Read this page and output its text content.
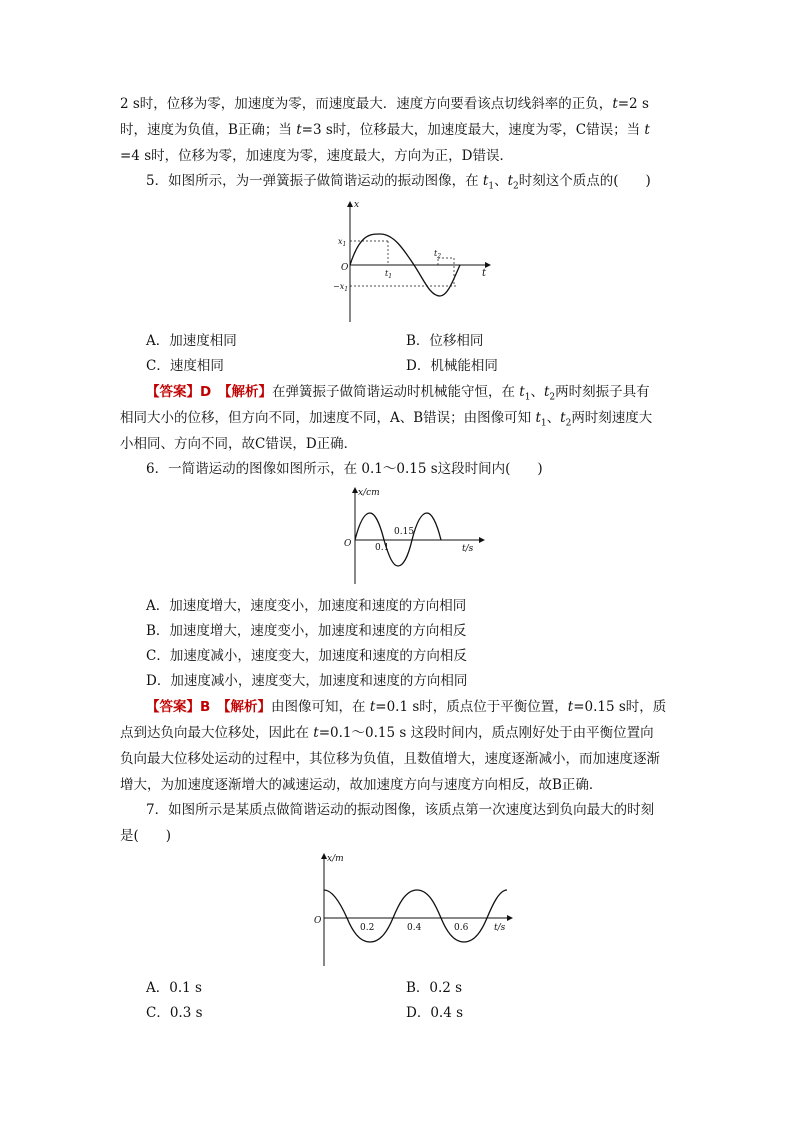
2 s时，位移为零，加速度为零，而速度最大．速度方向要看该点切线斜率的正负，t=2 s
时，速度为负值，B正确；当 t=3 s时，位移最大，加速度最大，速度为零，C错误；当 t
=4 s时，位移为零，加速度为零，速度最大，方向为正，D错误．
5．如图所示，为一弹簧振子做简谐运动的振动图像，在 $t_1$、$t_2$时刻这个质点的(　　)
x
t
O
$x_1$
$-x_1$
$t_1$
$t_2$
A．加速度相同	B．位移相同
C．速度相同	D．机械能相同
【答案】D　 【解析】在弹簧振子做简谐运动时机械能守恒，在 $t_1$、$t_2$两时刻振子具有
相同大小的位移，但方向不同，加速度不同，A、B错误；由图像可知 $t_1$、$t_2$两时刻速度大
小相同、方向不同，故C错误，D正确．
6．一简谐运动的图像如图所示，在 0.1～0.15 s这段时间内(　　)
x/cm
t/s
O	0.1
0.15
A．加速度增大，速度变小，加速度和速度的方向相同
B．加速度增大，速度变小，加速度和速度的方向相反
C．加速度减小，速度变大，加速度和速度的方向相反
D．加速度减小，速度变大，加速度和速度的方向相同
【答案】B　 【解析】由图像可知，在 t=0.1 s时，质点位于平衡位置，t=0.15 s时，质
点到达负向最大位移处，因此在 t=0.1～0.15 s 这段时间内，质点刚好处于由平衡位置向
负向最大位移处运动的过程中，其位移为负值，且数值增大，速度逐渐减小，而加速度逐渐
增大，为加速度逐渐增大的减速运动，故加速度方向与速度方向相反，故B正确．
7．如图所示是某质点做简谐运动的振动图像，该质点第一次速度达到负向最大的时刻
是(　　)
x/m
t/s
O
0.2	0.4	0.6
A．0.1 s	B．0.2 s
C．0.3 s	D．0.4 s
